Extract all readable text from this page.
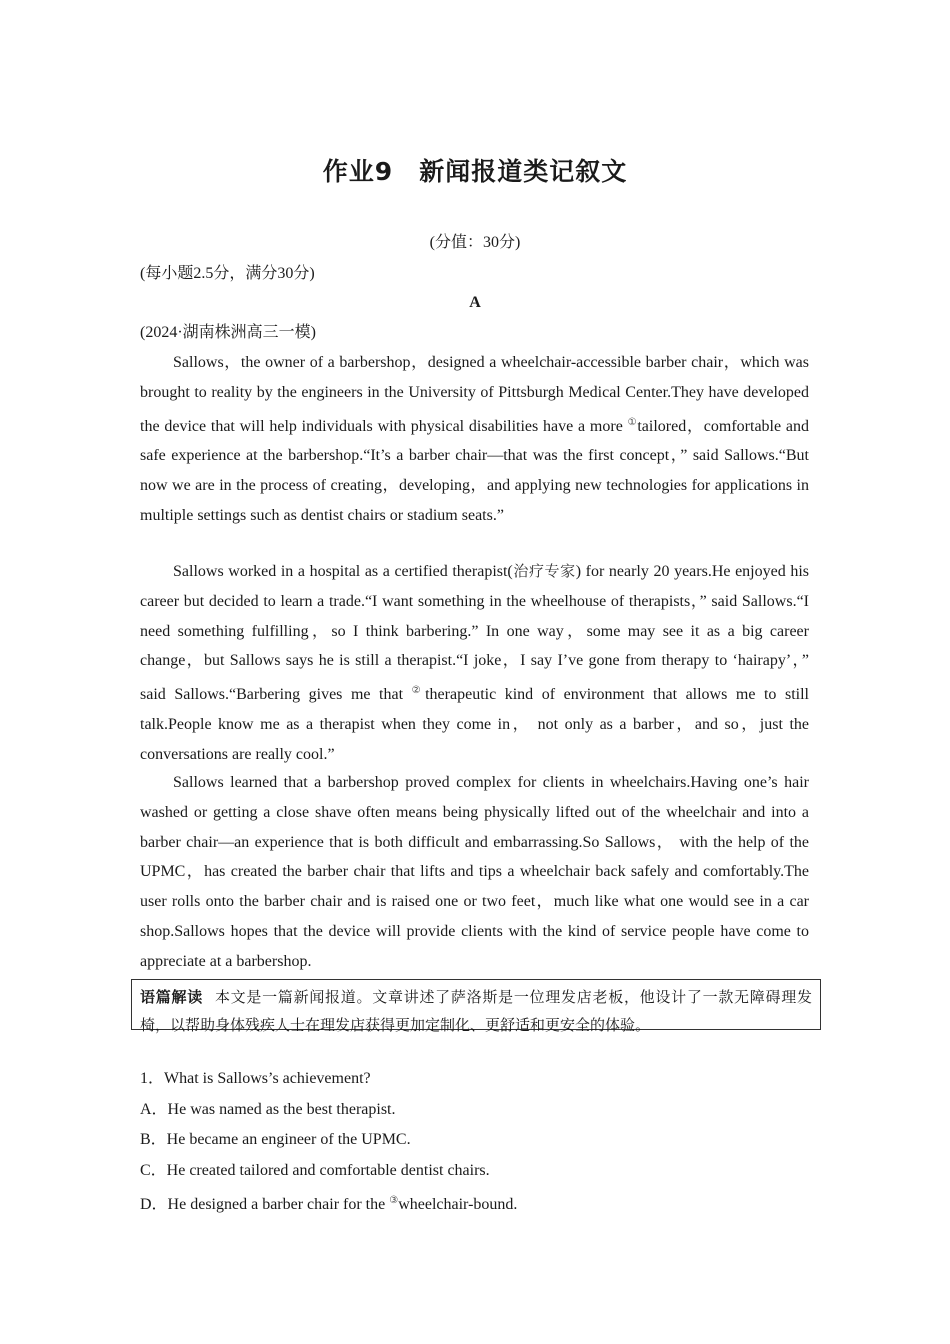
作业9　新闻报道类记叙文
(分值：30分)
(每小题2.5分，满分30分)
A
(2024·湖南株洲高三一模)

Sallows，the owner of a barbershop，designed a wheelchair-accessible barber chair，which was brought to reality by the engineers in the University of Pittsburgh Medical Center.They have developed the device that will help individuals with physical disabilities have a more ①tailored，comfortable and safe experience at the barbershop.“It’s a barber chair—that was the first concept，” said Sallows.“But now we are in the process of creating，developing，and applying new technologies for applications in multiple settings such as dentist chairs or stadium seats.”

Sallows worked in a hospital as a certified therapist(治疗专家) for nearly 20 years.He enjoyed his career but decided to learn a trade.“I want something in the wheelhouse of therapists，” said Sallows.“I need something fulfilling，so I think barbering.” In one way，some may see it as a big career change，but Sallows says he is still a therapist.“I joke，I say I’ve gone from therapy to ‘hairapy’，” said Sallows.“Barbering gives me that ②therapeutic kind of environment that allows me to still talk.People know me as a therapist when they come in， not only as a barber，and so，just the conversations are really cool.”

Sallows learned that a barbershop proved complex for clients in wheelchairs.Having one’s hair washed or getting a close shave often means being physically lifted out of the wheelchair and into a barber chair—an experience that is both difficult and embarrassing.So Sallows， with the help of the UPMC，has created the barber chair that lifts and tips a wheelchair back safely and comfortably.The user rolls onto the barber chair and is raised one or two feet，much like what one would see in a car shop.Sallows hopes that the device will provide clients with the kind of service people have come to appreciate at a barbershop.

语篇解读 本文是一篇新闻报道。文章讲述了萨洛斯是一位理发店老板，他设计了一款无障碍理发椅，以帮助身体残疾人士在理发店获得更加定制化、更舒适和更安全的体验。
1．What is Sallows’s achievement?
A．He was named as the best therapist.
B．He became an engineer of the UPMC.
C．He created tailored and comfortable dentist chairs.
D．He designed a barber chair for the ③wheelchair-bound.
